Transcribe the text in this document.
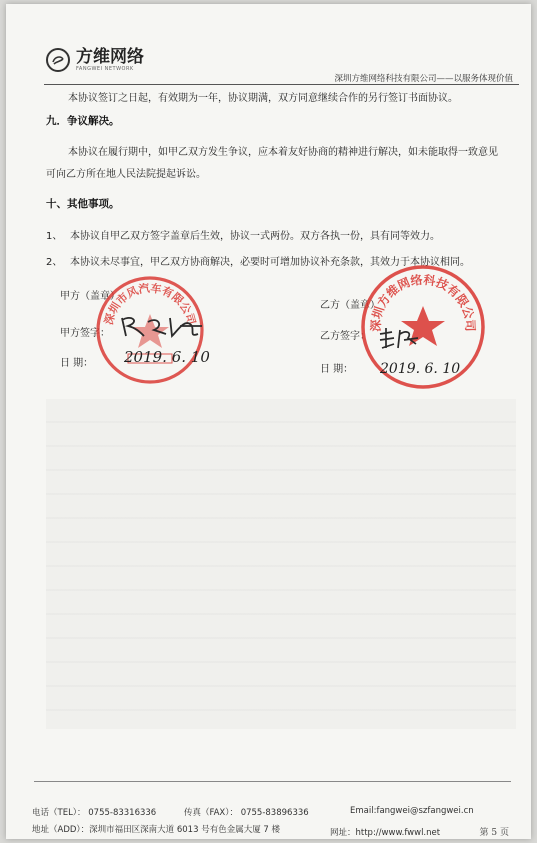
方维网络
FANGWEI NETWORK
深圳方维网络科技有限公司——以服务体现价值
本协议签订之日起，有效期为一年，协议期满，双方同意继续合作的另行签订书面协议。
九．争议解决。
本协议在履行期中，如甲乙双方发生争议，应本着友好协商的精神进行解决，如未能取得一致意见
可向乙方所在地人民法院提起诉讼。
十、其他事项。
1、 本协议自甲乙双方签字盖章后生效，协议一式两份。双方各执一份，具有同等效力。
2、 本协议未尽事宜，甲乙双方协商解决，必要时可增加协议补充条款，其效力于本协议相同。
甲方（盖章）
甲方签字：
日 期：
深圳市风汽车有限公司
2019. 6. 10
乙方（盖章）
乙方签字：
日 期：
深圳方维网络科技有限公司
2019. 6. 10
电话（TEL）： 0755-83316336	传真（FAX）： 0755-83896336	Email:fangwei@szfangwei.cn
地址（ADD）：深圳市福田区深南大道 6013 号有色金属大厦 7 楼	网址：http://www.fwwl.net	第 5 页
